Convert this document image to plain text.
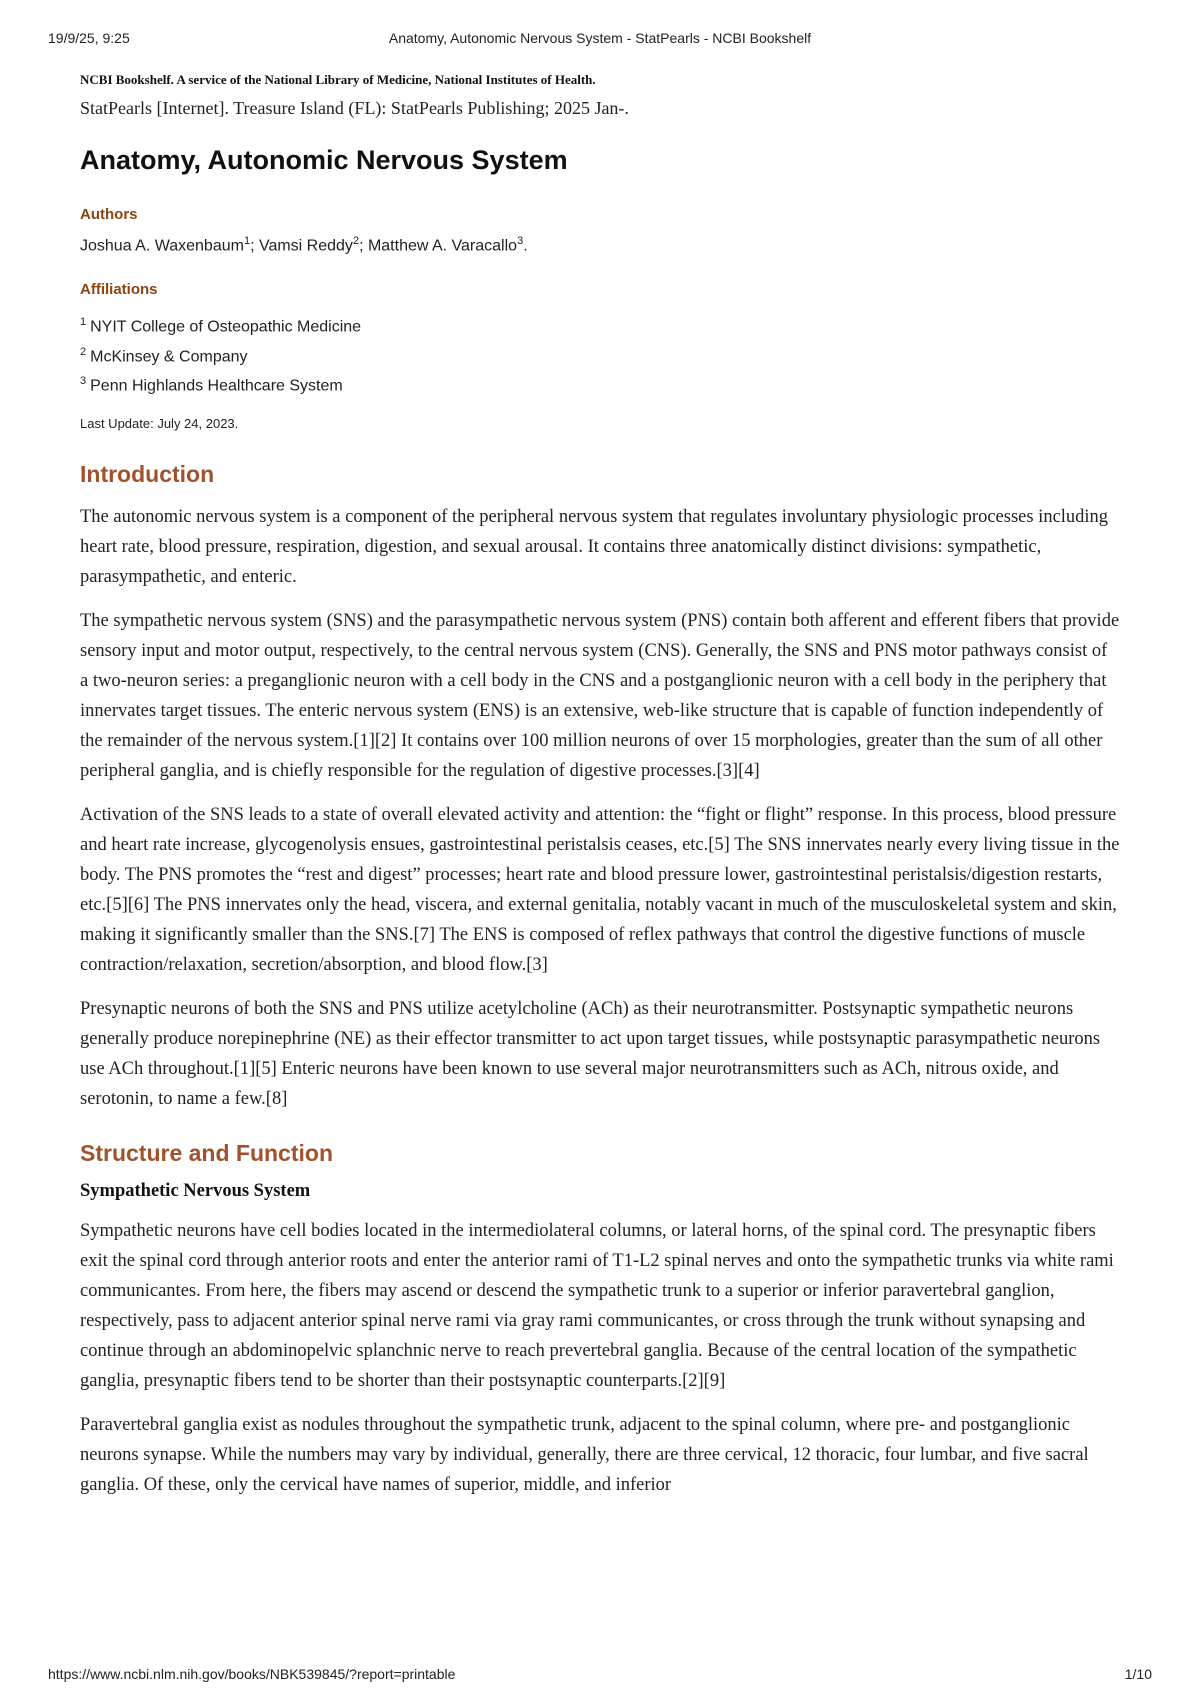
19/9/25, 9:25	Anatomy, Autonomic Nervous System - StatPearls - NCBI Bookshelf
NCBI Bookshelf. A service of the National Library of Medicine, National Institutes of Health.
StatPearls [Internet]. Treasure Island (FL): StatPearls Publishing; 2025 Jan-.
Anatomy, Autonomic Nervous System
Authors
Joshua A. Waxenbaum$^1$; Vamsi Reddy$^2$; Matthew A. Varacallo$^3$.
Affiliations
$^1$ NYIT College of Osteopathic Medicine
$^2$ McKinsey & Company
$^3$ Penn Highlands Healthcare System
Last Update: July 24, 2023.
Introduction

The autonomic nervous system is a component of the peripheral nervous system that regulates involuntary physiologic processes including heart rate, blood pressure, respiration, digestion, and sexual arousal. It contains three anatomically distinct divisions: sympathetic, parasympathetic, and enteric.

The sympathetic nervous system (SNS) and the parasympathetic nervous system (PNS) contain both afferent and efferent fibers that provide sensory input and motor output, respectively, to the central nervous system (CNS). Generally, the SNS and PNS motor pathways consist of a two-neuron series: a preganglionic neuron with a cell body in the CNS and a postganglionic neuron with a cell body in the periphery that innervates target tissues. The enteric nervous system (ENS) is an extensive, web-like structure that is capable of function independently of the remainder of the nervous system.[1][2] It contains over 100 million neurons of over 15 morphologies, greater than the sum of all other peripheral ganglia, and is chiefly responsible for the regulation of digestive processes.[3][4]

Activation of the SNS leads to a state of overall elevated activity and attention: the “fight or flight” response. In this process, blood pressure and heart rate increase, glycogenolysis ensues, gastrointestinal peristalsis ceases, etc.[5] The SNS innervates nearly every living tissue in the body. The PNS promotes the “rest and digest” processes; heart rate and blood pressure lower, gastrointestinal peristalsis/digestion restarts, etc.[5][6] The PNS innervates only the head, viscera, and external genitalia, notably vacant in much of the musculoskeletal system and skin, making it significantly smaller than the SNS.[7] The ENS is composed of reflex pathways that control the digestive functions of muscle contraction/relaxation, secretion/absorption, and blood flow.[3]

Presynaptic neurons of both the SNS and PNS utilize acetylcholine (ACh) as their neurotransmitter. Postsynaptic sympathetic neurons generally produce norepinephrine (NE) as their effector transmitter to act upon target tissues, while postsynaptic parasympathetic neurons use ACh throughout.[1][5] Enteric neurons have been known to use several major neurotransmitters such as ACh, nitrous oxide, and serotonin, to name a few.[8]

Structure and Function
Sympathetic Nervous System

Sympathetic neurons have cell bodies located in the intermediolateral columns, or lateral horns, of the spinal cord. The presynaptic fibers exit the spinal cord through anterior roots and enter the anterior rami of T1-L2 spinal nerves and onto the sympathetic trunks via white rami communicantes. From here, the fibers may ascend or descend the sympathetic trunk to a superior or inferior paravertebral ganglion, respectively, pass to adjacent anterior spinal nerve rami via gray rami communicantes, or cross through the trunk without synapsing and continue through an abdominopelvic splanchnic nerve to reach prevertebral ganglia. Because of the central location of the sympathetic ganglia, presynaptic fibers tend to be shorter than their postsynaptic counterparts.[2][9]

Paravertebral ganglia exist as nodules throughout the sympathetic trunk, adjacent to the spinal column, where pre- and postganglionic neurons synapse. While the numbers may vary by individual, generally, there are three cervical, 12 thoracic, four lumbar, and five sacral ganglia. Of these, only the cervical have names of superior, middle, and inferior

https://www.ncbi.nlm.nih.gov/books/NBK539845/?report=printable	1/10
